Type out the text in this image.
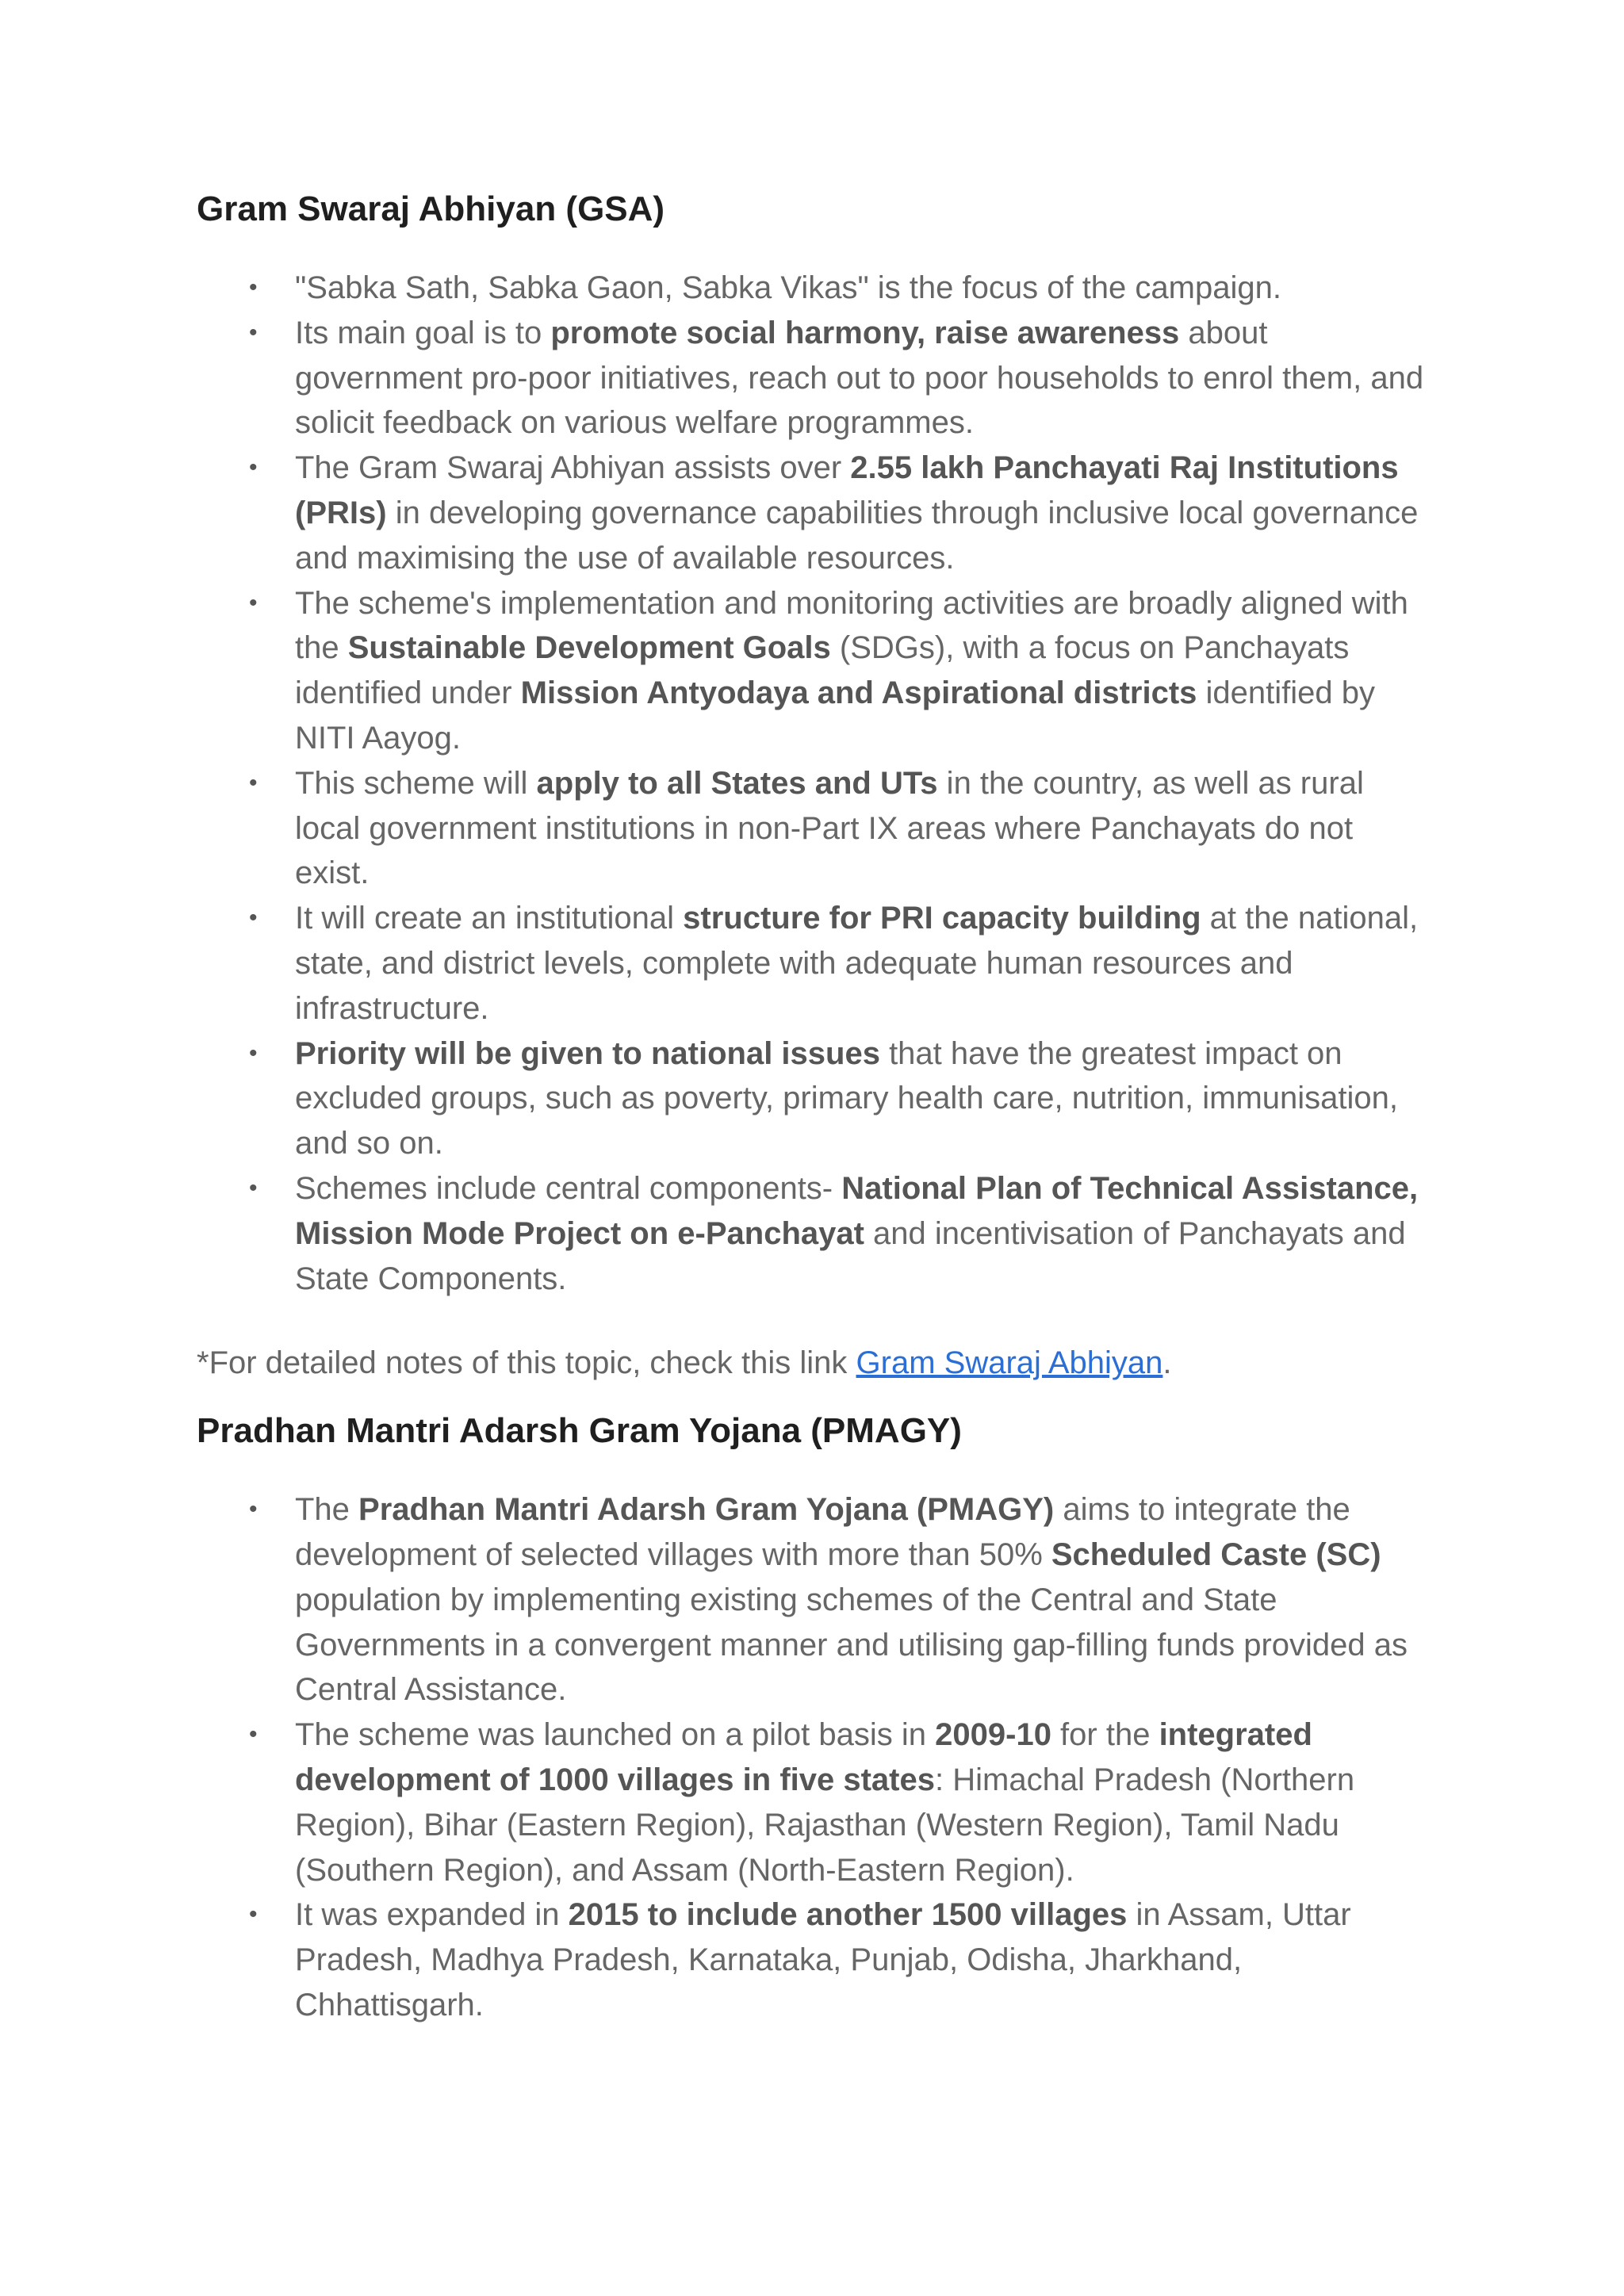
Gram Swaraj Abhiyan (GSA)
•	"Sabka Sath, Sabka Gaon, Sabka Vikas" is the focus of the campaign.
•	Its main goal is to promote social harmony, raise awareness about government pro-poor initiatives, reach out to poor households to enrol them, and solicit feedback on various welfare programmes.
•	The Gram Swaraj Abhiyan assists over 2.55 lakh Panchayati Raj Institutions (PRIs) in developing governance capabilities through inclusive local governance and maximising the use of available resources.
•	The scheme's implementation and monitoring activities are broadly aligned with the Sustainable Development Goals (SDGs), with a focus on Panchayats identified under Mission Antyodaya and Aspirational districts identified by NITI Aayog.
•	This scheme will apply to all States and UTs in the country, as well as rural local government institutions in non-Part IX areas where Panchayats do not exist.
•	It will create an institutional structure for PRI capacity building at the national, state, and district levels, complete with adequate human resources and infrastructure.
•	Priority will be given to national issues that have the greatest impact on excluded groups, such as poverty, primary health care, nutrition, immunisation, and so on.
•	Schemes include central components- National Plan of Technical Assistance, Mission Mode Project on e-Panchayat and incentivisation of Panchayats and State Components.

*For detailed notes of this topic, check this link Gram Swaraj Abhiyan.

Pradhan Mantri Adarsh Gram Yojana (PMAGY)
•	The Pradhan Mantri Adarsh Gram Yojana (PMAGY) aims to integrate the development of selected villages with more than 50% Scheduled Caste (SC) population by implementing existing schemes of the Central and State Governments in a convergent manner and utilising gap-filling funds provided as Central Assistance.
•	The scheme was launched on a pilot basis in 2009-10 for the integrated development of 1000 villages in five states: Himachal Pradesh (Northern Region), Bihar (Eastern Region), Rajasthan (Western Region), Tamil Nadu (Southern Region), and Assam (North-Eastern Region).
•	It was expanded in 2015 to include another 1500 villages in Assam, Uttar Pradesh, Madhya Pradesh, Karnataka, Punjab, Odisha, Jharkhand, Chhattisgarh.
